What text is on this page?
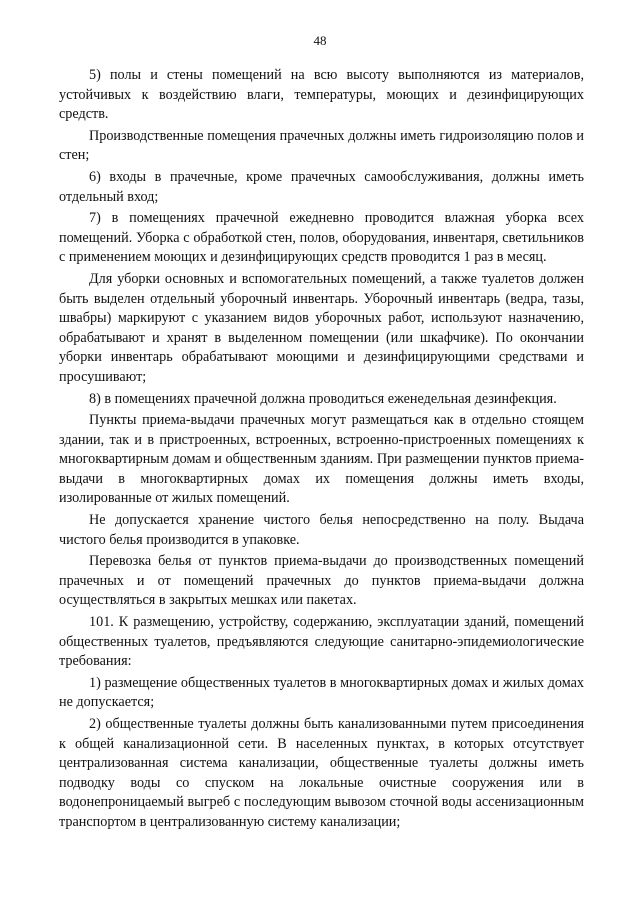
48

5) полы и стены помещений на всю высоту выполняются из материалов, устойчивых к воздействию влаги, температуры, моющих и дезинфицирующих средств.

Производственные помещения прачечных должны иметь гидроизоляцию полов и стен;

6) входы в прачечные, кроме прачечных самообслуживания, должны иметь отдельный вход;

7) в помещениях прачечной ежедневно проводится влажная уборка всех помещений. Уборка с обработкой стен, полов, оборудования, инвентаря, светильников с применением моющих и дезинфицирующих средств проводится 1 раз в месяц.

Для уборки основных и вспомогательных помещений, а также туалетов должен быть выделен отдельный уборочный инвентарь. Уборочный инвентарь (ведра, тазы, швабры) маркируют с указанием видов уборочных работ, используют назначению, обрабатывают и хранят в выделенном помещении (или шкафчике). По окончании уборки инвентарь обрабатывают моющими и дезинфицирующими средствами и просушивают;

8) в помещениях прачечной должна проводиться еженедельная дезинфекция.

Пункты приема-выдачи прачечных могут размещаться как в отдельно стоящем здании, так и в пристроенных, встроенных, встроенно-пристроенных помещениях к многоквартирным домам и общественным зданиям. При размещении пунктов приема-выдачи в многоквартирных домах их помещения должны иметь входы, изолированные от жилых помещений.

Не допускается хранение чистого белья непосредственно на полу. Выдача чистого белья производится в упаковке.

Перевозка белья от пунктов приема-выдачи до производственных помещений прачечных и от помещений прачечных до пунктов приема-выдачи должна осуществляться в закрытых мешках или пакетах.

101. К размещению, устройству, содержанию, эксплуатации зданий, помещений общественных туалетов, предъявляются следующие санитарно-эпидемиологические требования:

1) размещение общественных туалетов в многоквартирных домах и жилых домах не допускается;

2) общественные туалеты должны быть канализованными путем присоединения к общей канализационной сети. В населенных пунктах, в которых отсутствует централизованная система канализации, общественные туалеты должны иметь подводку воды со спуском на локальные очистные сооружения или в водонепроницаемый выгреб с последующим вывозом сточной воды ассенизационным транспортом в централизованную систему канализации;
